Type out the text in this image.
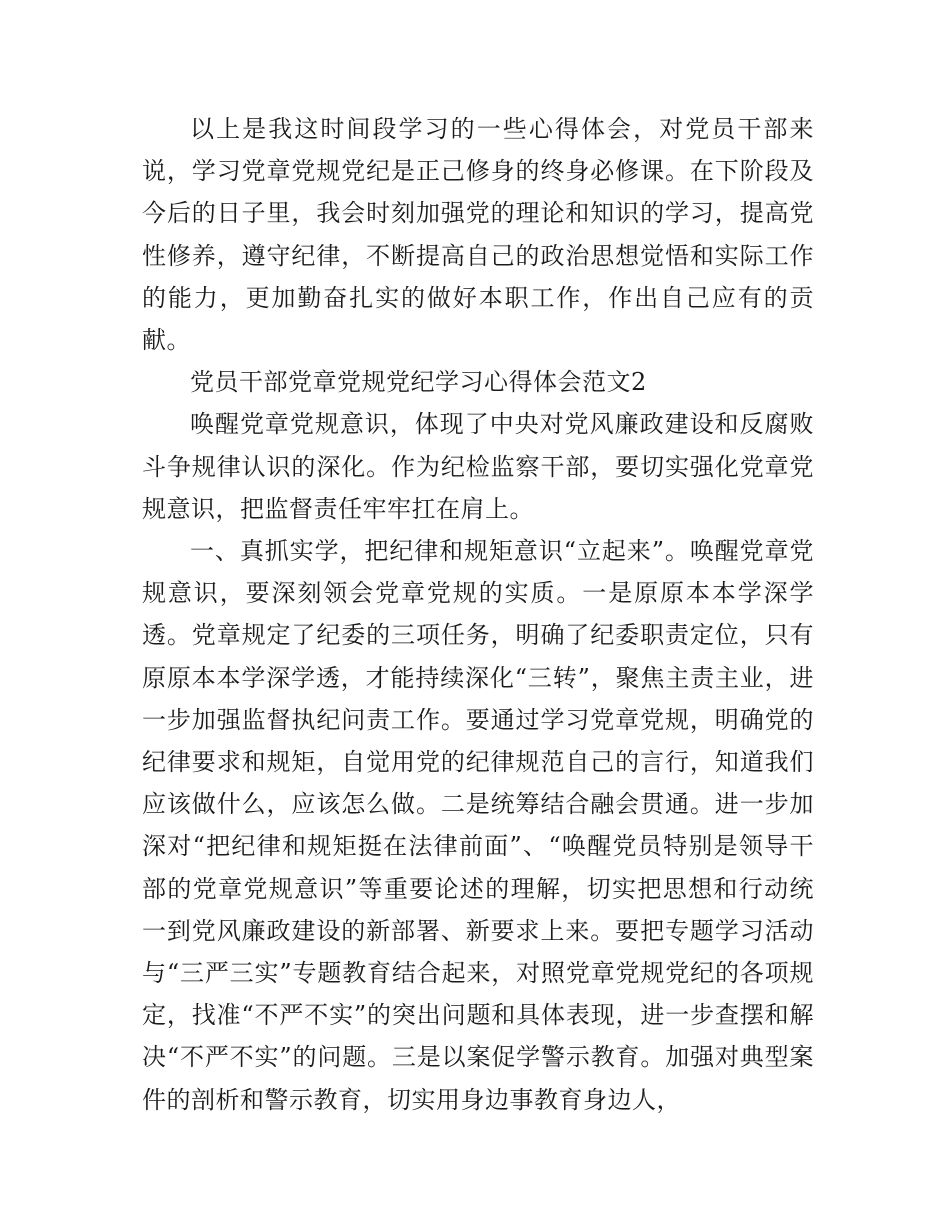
以上是我这时间段学习的一些心得体会，对党员干部来说，学习党章党规党纪是正己修身的终身必修课。在下阶段及今后的日子里，我会时刻加强党的理论和知识的学习，提高党性修养，遵守纪律，不断提高自己的政治思想觉悟和实际工作的能力，更加勤奋扎实的做好本职工作，作出自己应有的贡献。

党员干部党章党规党纪学习心得体会范文2

唤醒党章党规意识，体现了中央对党风廉政建设和反腐败斗争规律认识的深化。作为纪检监察干部，要切实强化党章党规意识，把监督责任牢牢扛在肩上。

一、真抓实学，把纪律和规矩意识“立起来”。唤醒党章党规意识，要深刻领会党章党规的实质。一是原原本本学深学透。党章规定了纪委的三项任务，明确了纪委职责定位，只有原原本本学深学透，才能持续深化“三转”，聚焦主责主业，进一步加强监督执纪问责工作。要通过学习党章党规，明确党的纪律要求和规矩，自觉用党的纪律规范自己的言行，知道我们应该做什么，应该怎么做。二是统筹结合融会贯通。进一步加深对“把纪律和规矩挺在法律前面”、“唤醒党员特别是领导干部的党章党规意识”等重要论述的理解，切实把思想和行动统一到党风廉政建设的新部署、新要求上来。要把专题学习活动与“三严三实”专题教育结合起来，对照党章党规党纪的各项规定，找准“不严不实”的突出问题和具体表现，进一步查摆和解决“不严不实”的问题。三是以案促学警示教育。加强对典型案件的剖析和警示教育，切实用身边事教育身边人，
